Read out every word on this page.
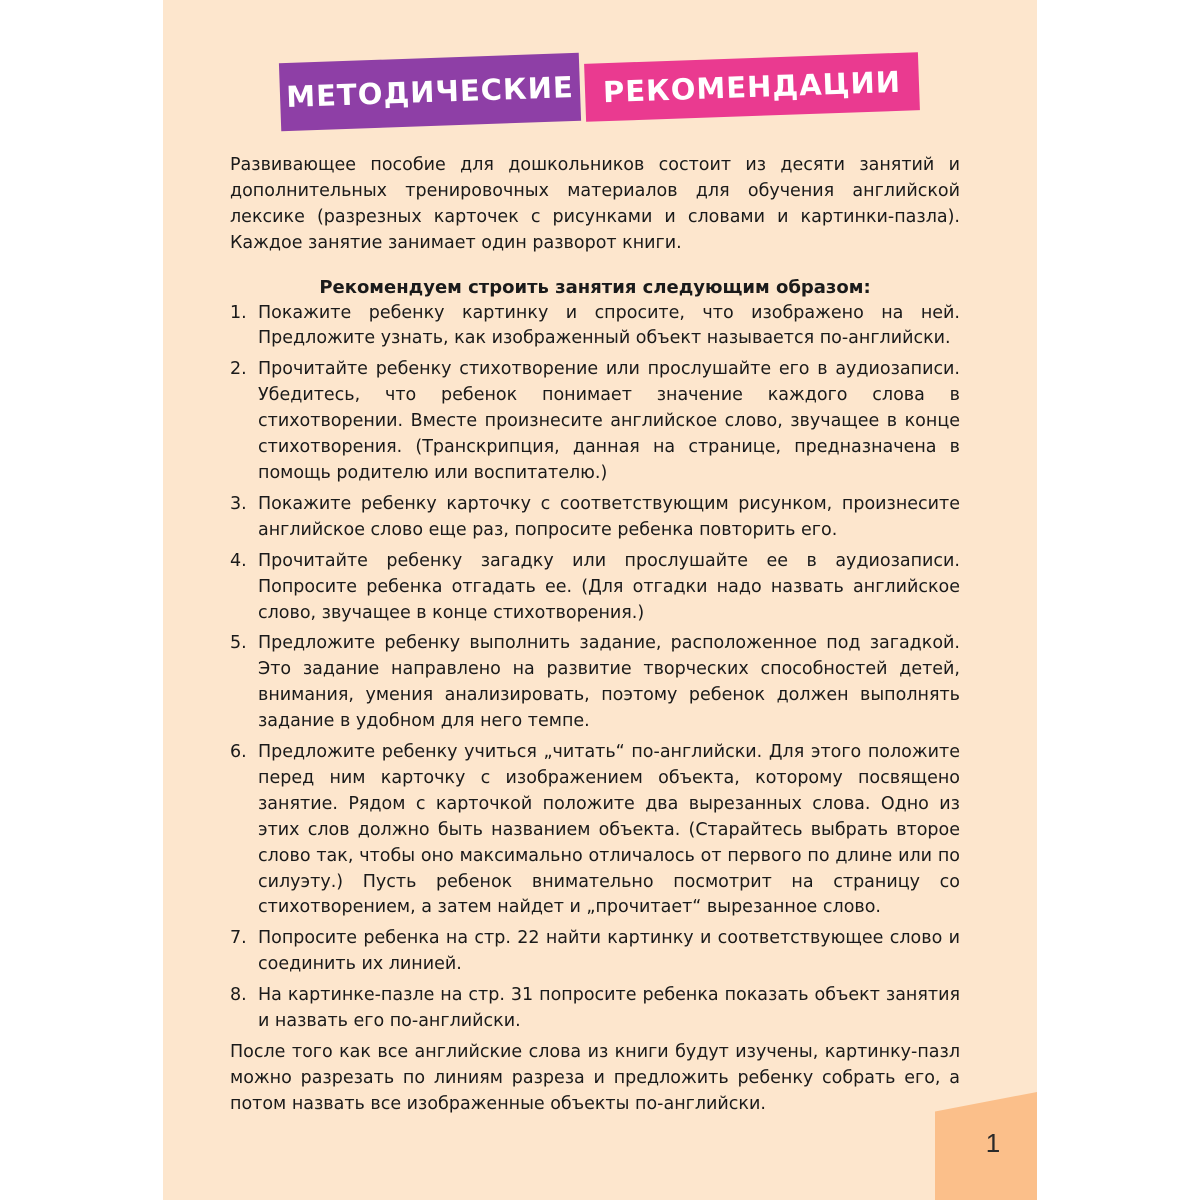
МЕТОДИЧЕСКИЕ РЕКОМЕНДАЦИИ

Развивающее пособие для дошкольников состоит из десяти занятий и дополнительных тренировочных материалов для обучения английской лексике (разрезных карточек с рисунками и словами и картинки-пазла). Каждое занятие занимает один разворот книги.

Рекомендуем строить занятия следующим образом:

1. Покажите ребенку картинку и спросите, что изображено на ней. Предложите узнать, как изображенный объект называется по-английски.
2. Прочитайте ребенку стихотворение или прослушайте его в аудиозаписи. Убедитесь, что ребенок понимает значение каждого слова в стихотворении. Вместе произнесите английское слово, звучащее в конце стихотворения. (Транскрипция, данная на странице, предназначена в помощь родителю или воспитателю.)
3. Покажите ребенку карточку с соответствующим рисунком, произнесите английское слово еще раз, попросите ребенка повторить его.
4. Прочитайте ребенку загадку или прослушайте ее в аудиозаписи. Попросите ребенка отгадать ее. (Для отгадки надо назвать английское слово, звучащее в конце стихотворения.)
5. Предложите ребенку выполнить задание, расположенное под загадкой. Это задание направлено на развитие творческих способностей детей, внимания, умения анализировать, поэтому ребенок должен выполнять задание в удобном для него темпе.
6. Предложите ребенку учиться „читать“ по-английски. Для этого положите перед ним карточку с изображением объекта, которому посвящено занятие. Рядом с карточкой положите два вырезанных слова. Одно из этих слов должно быть названием объекта. (Старайтесь выбрать второе слово так, чтобы оно максимально отличалось от первого по длине или по силуэту.) Пусть ребенок внимательно посмотрит на страницу со стихотворением, а затем найдет и „прочитает“ вырезанное слово.
7. Попросите ребенка на стр. 22 найти картинку и соответствующее слово и соединить их линией.
8. На картинке-пазле на стр. 31 попросите ребенка показать объект занятия и назвать его по-английски.

После того как все английские слова из книги будут изучены, картинку-пазл можно разрезать по линиям разреза и предложить ребенку собрать его, а потом назвать все изображенные объекты по-английски.

1
